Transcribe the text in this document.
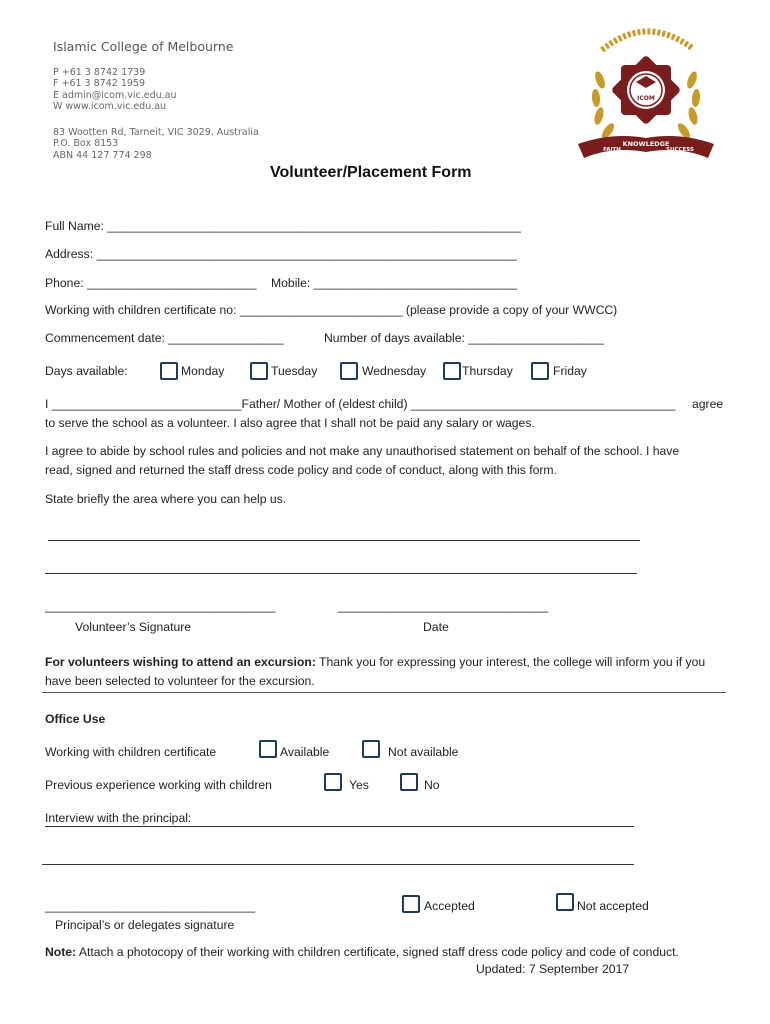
Islamic College of Melbourne
P +61 3 8742 1739
F +61 3 8742 1959
E admin@icom.vic.edu.au
W www.icom.vic.edu.au
83 Wootten Rd, Tarneit, VIC 3029. Australia
P.O. Box 8153
ABN 44 127 774 298
ICOM
KNOWLEDGE
FAITH	SUCCESS
Volunteer/Placement Form
Full Name: _____________________________________________________________
Address: ______________________________________________________________
Phone: _________________________ Mobile: ______________________________
Working with children certificate no: ________________________ (please provide a copy of your WWCC)
Commencement date: _________________	Number of days available: ____________________
Days available:	Monday	Tuesday	Wednesday	Thursday	Friday
I ____________________________Father/ Mother of (eldest child) _______________________________________ agree
to serve the school as a volunteer. I also agree that I shall not be paid any salary or wages.
I agree to abide by school rules and policies and not make any unauthorised statement on behalf of the school. I have
read, signed and returned the staff dress code policy and code of conduct, along with this form.
State briefly the area where you can help us.
__________________________________	_______________________________
Volunteer’s Signature	Date
For volunteers wishing to attend an excursion: Thank you for expressing your interest, the college will inform you if you
have been selected to volunteer for the excursion.
Office Use
Working with children certificate	Available	Not available
Previous experience working with children	Yes	No
Interview with the principal:
_______________________________	Accepted	Not accepted
Principal’s or delegates signature
Note: Attach a photocopy of their working with children certificate, signed staff dress code policy and code of conduct.
Updated: 7 September 2017
